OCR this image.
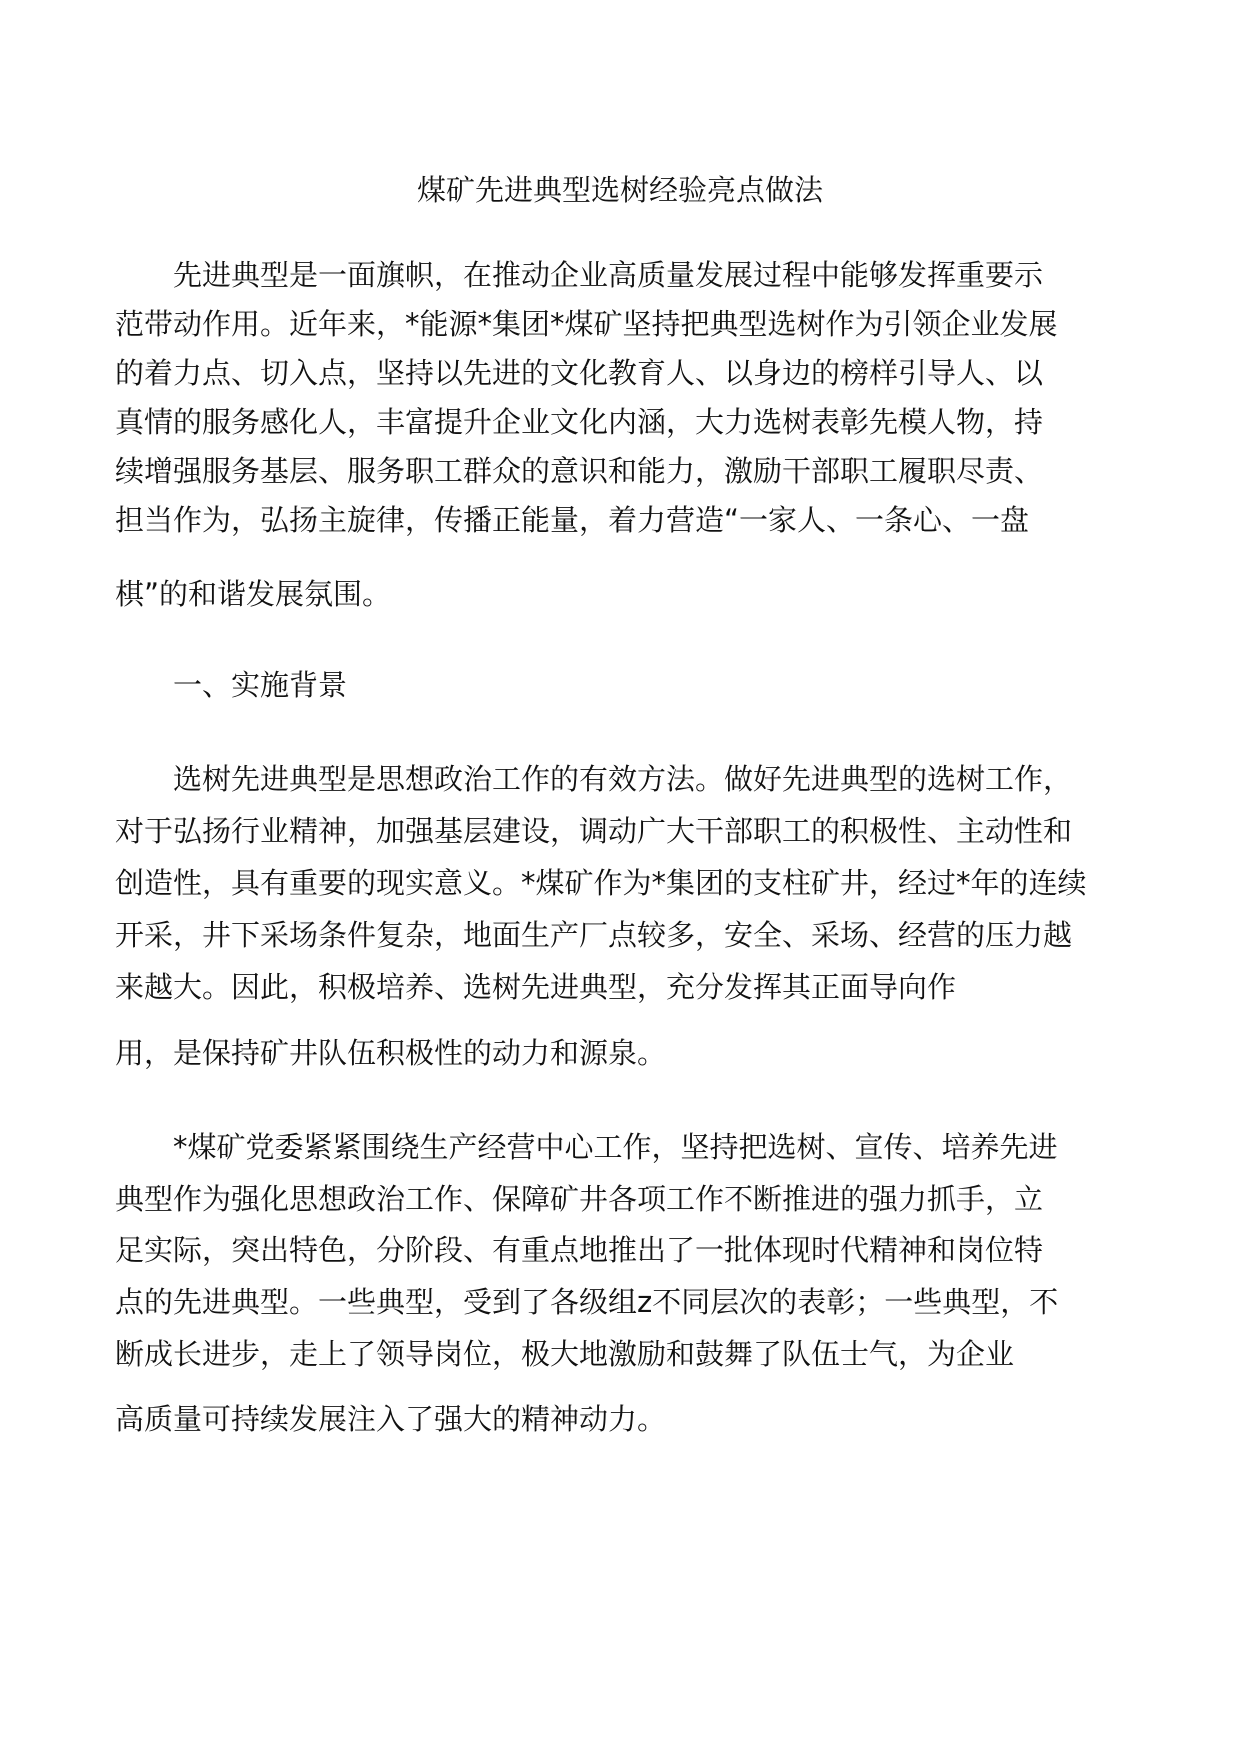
煤矿先进典型选树经验亮点做法
先进典型是一面旗帜，在推动企业高质量发展过程中能够发挥重要示
范带动作用。近年来，*能源*集团*煤矿坚持把典型选树作为引领企业发展
的着力点、切入点，坚持以先进的文化教育人、以身边的榜样引导人、以
真情的服务感化人，丰富提升企业文化内涵，大力选树表彰先模人物，持
续增强服务基层、服务职工群众的意识和能力，激励干部职工履职尽责、
担当作为，弘扬主旋律，传播正能量，着力营造“一家人、一条心、一盘
棋”的和谐发展氛围。
一、实施背景
选树先进典型是思想政治工作的有效方法。做好先进典型的选树工作，
对于弘扬行业精神，加强基层建设，调动广大干部职工的积极性、主动性和
创造性，具有重要的现实意义。*煤矿作为*集团的支柱矿井，经过*年的连续
开采，井下采场条件复杂，地面生产厂点较多，安全、采场、经营的压力越
来越大。因此，积极培养、选树先进典型，充分发挥其正面导向作
用，是保持矿井队伍积极性的动力和源泉。
*煤矿党委紧紧围绕生产经营中心工作，坚持把选树、宣传、培养先进
典型作为强化思想政治工作、保障矿井各项工作不断推进的强力抓手，立
足实际，突出特色，分阶段、有重点地推出了一批体现时代精神和岗位特
点的先进典型。一些典型，受到了各级组z不同层次的表彰；一些典型，不
断成长进步，走上了领导岗位，极大地激励和鼓舞了队伍士气，为企业
高质量可持续发展注入了强大的精神动力。
